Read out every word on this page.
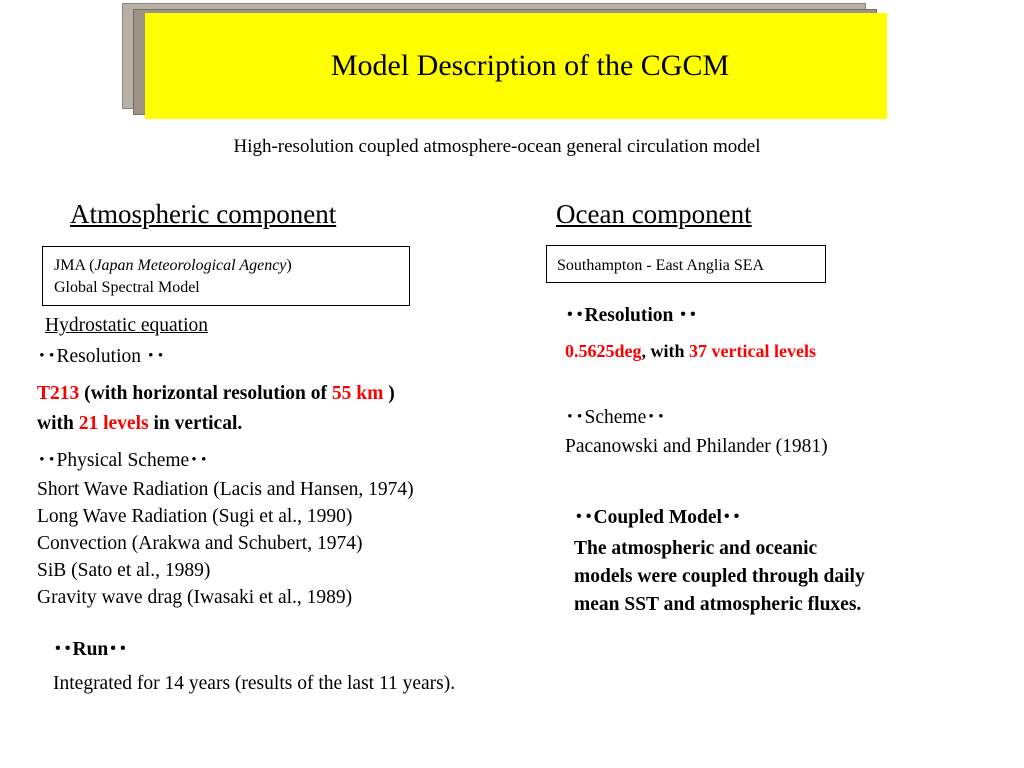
Model Description of the CGCM
High-resolution coupled atmosphere-ocean general circulation model
Atmospheric component	Ocean component
JMA (Japan Meteorological Agency)
Global Spectral Model
Southampton - East Anglia SEA
Hydrostatic equation
･･Resolution ･･
T213 (with horizontal resolution of 55 km )
with 21 levels in vertical.
･･Physical Scheme･･
Short Wave Radiation (Lacis and Hansen, 1974)
Long Wave Radiation (Sugi et al., 1990)
Convection (Arakwa and Schubert, 1974)
SiB (Sato et al., 1989)
Gravity wave drag (Iwasaki et al., 1989)
･･Resolution ･･
0.5625deg, with 37 vertical levels
･･Scheme･･
Pacanowski and Philander (1981)
･･Coupled Model･･
The atmospheric and oceanic
models were coupled through daily
mean SST and atmospheric fluxes.
･･Run･･
Integrated for 14 years (results of the last 11 years).
